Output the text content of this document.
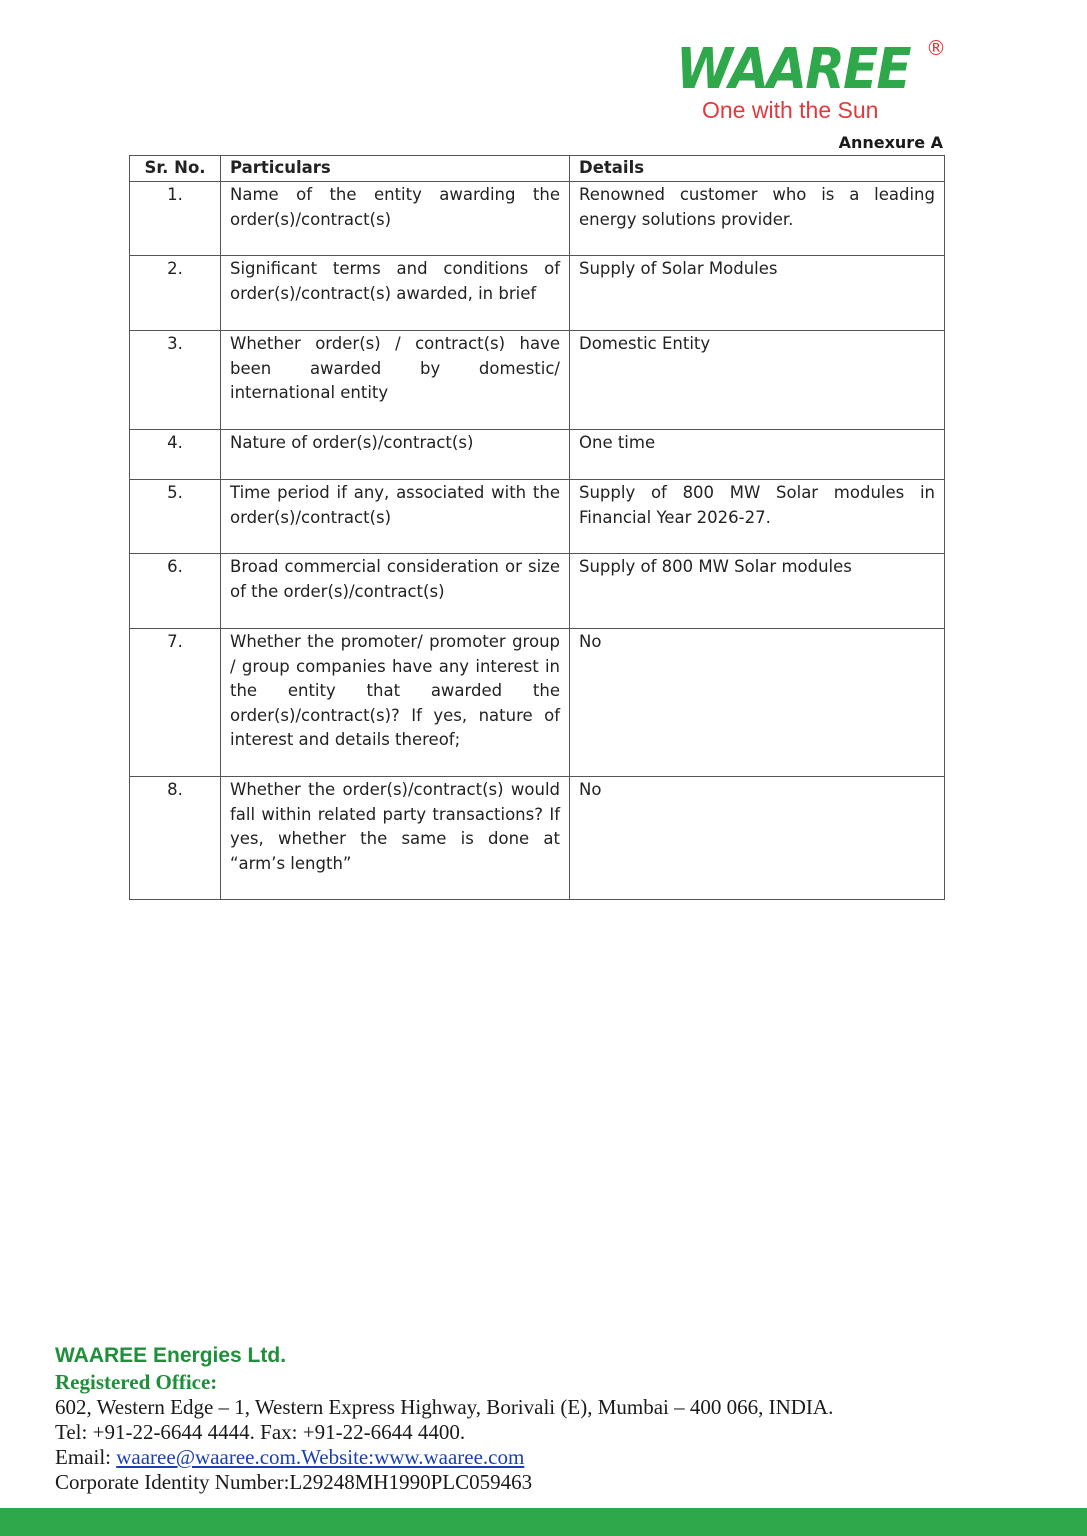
WAAREE ®
One with the Sun
Annexure A
Sr. No.	Particulars	Details
1.	Name of the entity awarding the order(s)/contract(s)	Renowned customer who is a leading energy solutions provider.
2.	Significant terms and conditions of order(s)/contract(s) awarded, in brief	Supply of Solar Modules
3.	Whether order(s) / contract(s) have been awarded by domestic/ international entity	Domestic Entity
4.	Nature of order(s)/contract(s)	One time
5.	Time period if any, associated with the order(s)/contract(s)	Supply of 800 MW Solar modules in Financial Year 2026-27.
6.	Broad commercial consideration or size of the order(s)/contract(s)	Supply of 800 MW Solar modules
7.	Whether the promoter/ promoter group / group companies have any interest in the entity that awarded the order(s)/contract(s)? If yes, nature of interest and details thereof;	No
8.	Whether the order(s)/contract(s) would fall within related party transactions? If yes, whether the same is done at “arm’s length”	No
WAAREE Energies Ltd.
Registered Office:
602, Western Edge – 1, Western Express Highway, Borivali (E), Mumbai – 400 066, INDIA.
Tel: +91-22-6644 4444. Fax: +91-22-6644 4400.
Email: waaree@waaree.com.Website:www.waaree.com
Corporate Identity Number:L29248MH1990PLC059463
